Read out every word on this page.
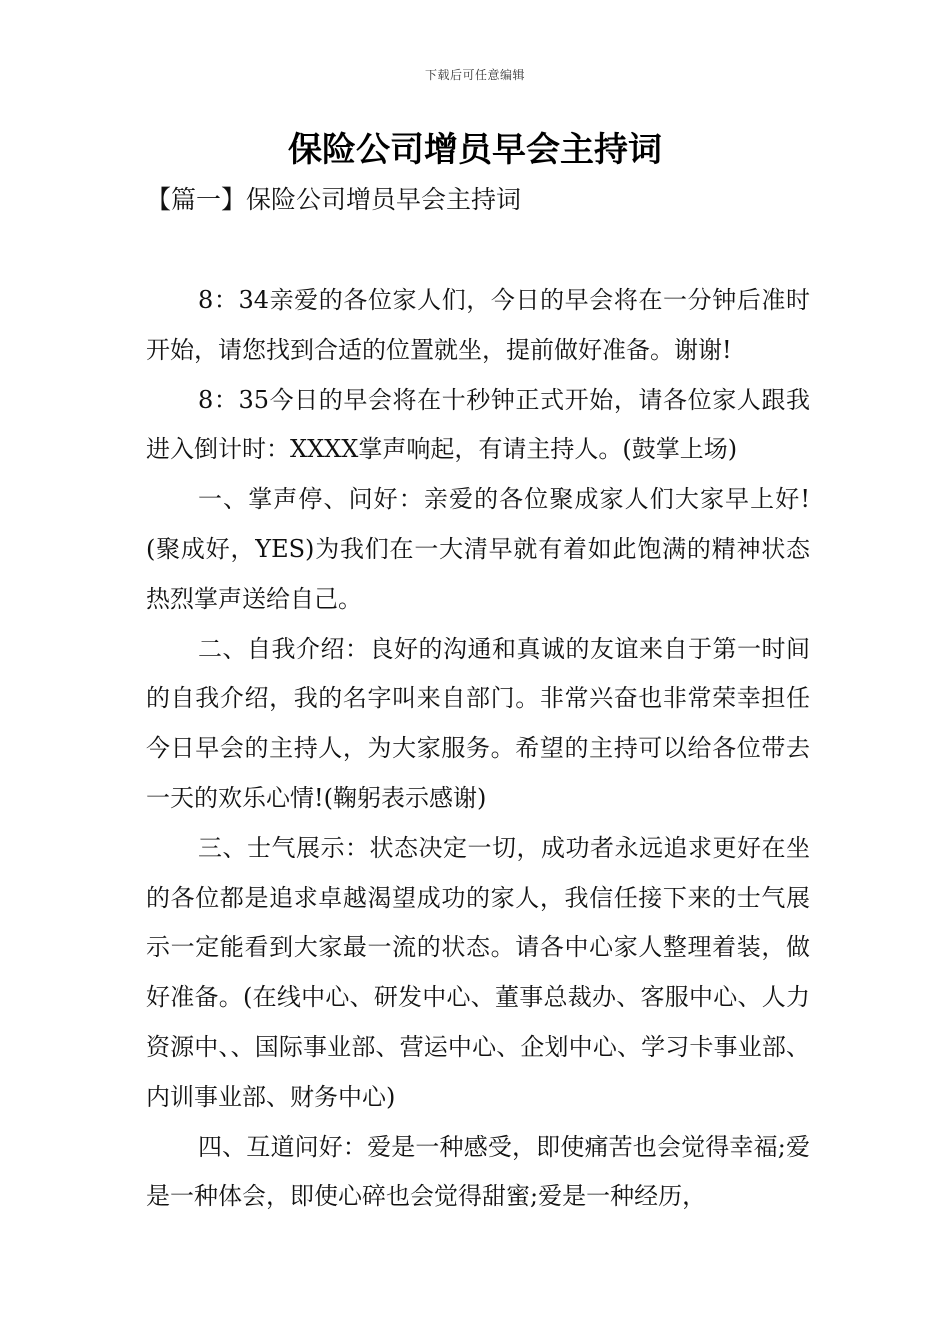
下载后可任意编辑
保险公司增员早会主持词
【篇一】保险公司增员早会主持词

8：34亲爱的各位家人们，今日的早会将在一分钟后准时开始，请您找到合适的位置就坐，提前做好准备。谢谢!

8：35今日的早会将在十秒钟正式开始，请各位家人跟我进入倒计时：XXXX掌声响起，有请主持人。(鼓掌上场)

一、掌声停、问好：亲爱的各位聚成家人们大家早上好!(聚成好，YES)为我们在一大清早就有着如此饱满的精神状态热烈掌声送给自己。

二、自我介绍：良好的沟通和真诚的友谊来自于第一时间的自我介绍，我的名字叫来自部门。非常兴奋也非常荣幸担任今日早会的主持人，为大家服务。希望的主持可以给各位带去一天的欢乐心情!(鞠躬表示感谢)

三、士气展示：状态决定一切，成功者永远追求更好在坐的各位都是追求卓越渴望成功的家人，我信任接下来的士气展示一定能看到大家最一流的状态。请各中心家人整理着装，做好准备。(在线中心、研发中心、董事总裁办、客服中心、人力资源中、、国际事业部、营运中心、企划中心、学习卡事业部、内训事业部、财务中心)

四、互道问好：爱是一种感受，即使痛苦也会觉得幸福;爱是一种体会，即使心碎也会觉得甜蜜;爱是一种经历，
